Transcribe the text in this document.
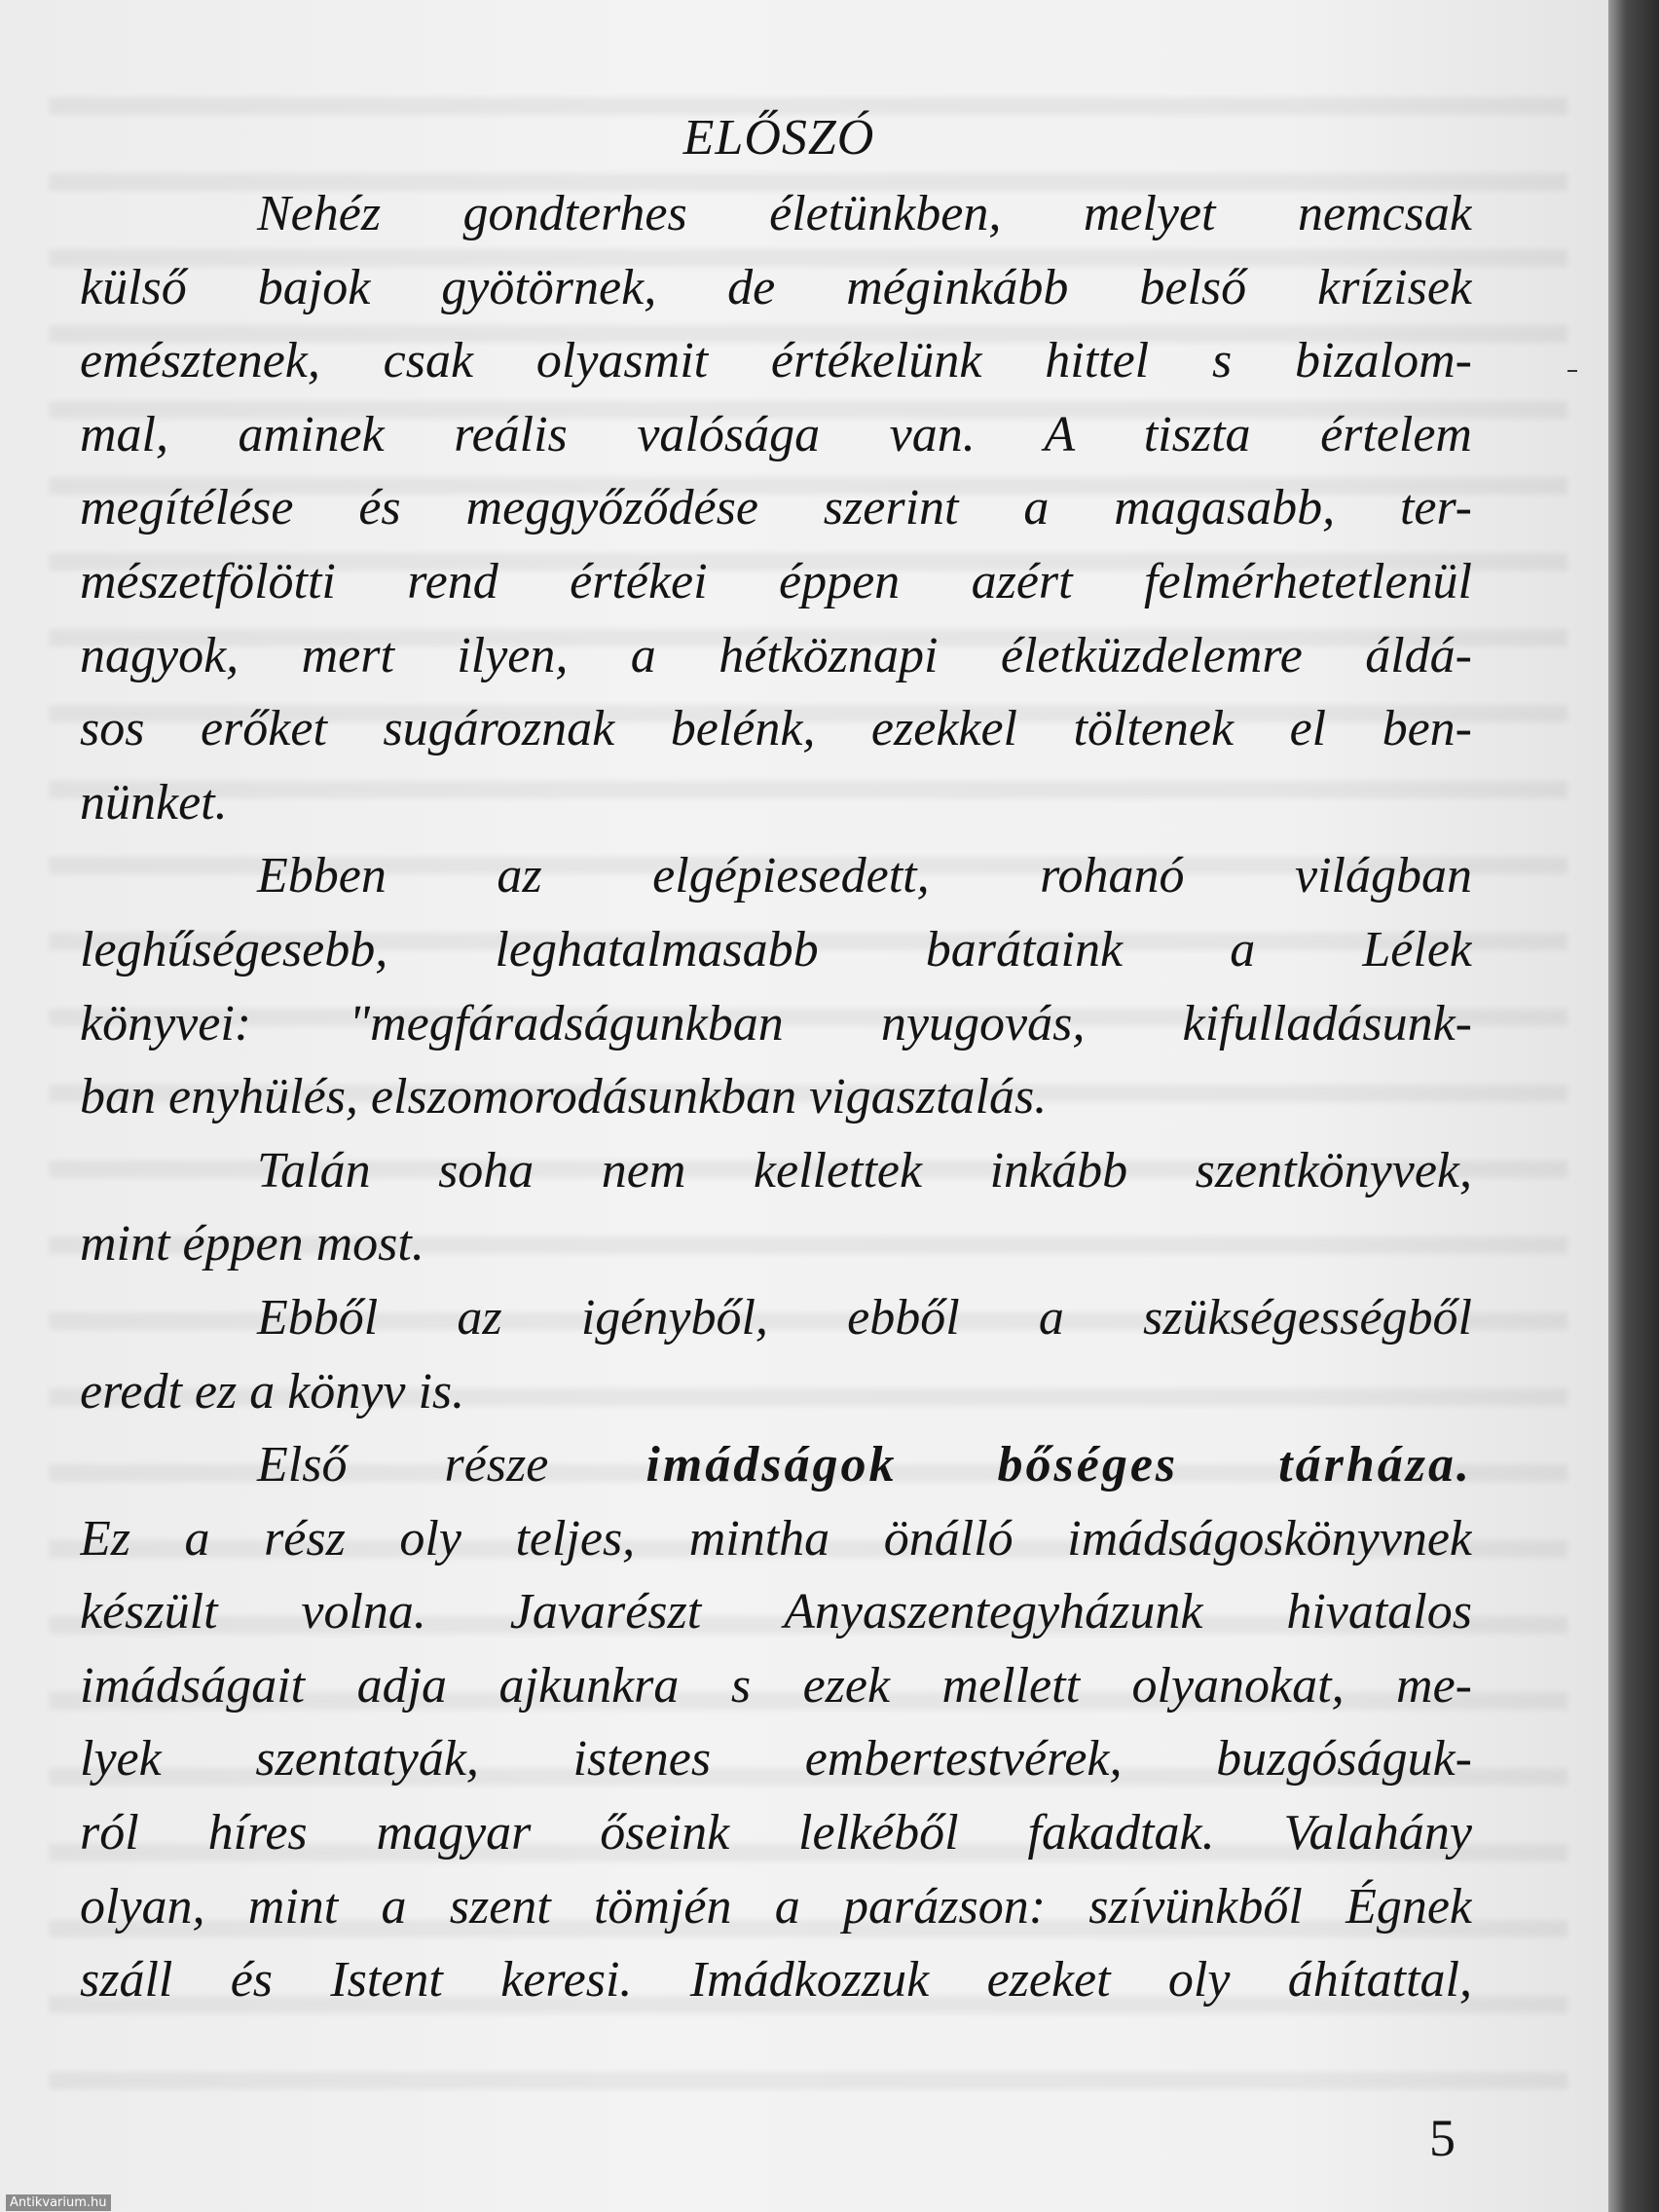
ELŐSZÓ
Nehéz gondterhes életünkben, melyet nemcsak
külső bajok gyötörnek, de méginkább belső krízisek
emésztenek, csak olyasmit értékelünk hittel s bizalom-
mal, aminek reális valósága van. A tiszta értelem
megítélése és meggyőződése szerint a magasabb, ter-
mészetfölötti rend értékei éppen azért felmérhetetlenül
nagyok, mert ilyen, a hétköznapi életküzdelemre áldá-
sos erőket sugároznak belénk, ezekkel töltenek el ben-
nünket.
Ebben az elgépiesedett, rohanó világban
leghűségesebb, leghatalmasabb barátaink a Lélek
könyvei: "megfáradságunkban nyugovás, kifulladásunk-
ban enyhülés, elszomorodásunkban vigasztalás.
Talán soha nem kellettek inkább szentkönyvek,
mint éppen most.
Ebből az igényből, ebből a szükségességből
eredt ez a könyv is.
Első része imádságok bőséges tárháza.
Ez a rész oly teljes, mintha önálló imádságoskönyvnek
készült volna. Javarészt Anyaszentegyházunk hivatalos
imádságait adja ajkunkra s ezek mellett olyanokat, me-
lyek szentatyák, istenes embertestvérek, buzgóságuk-
ról híres magyar őseink lelkéből fakadtak. Valahány
olyan, mint a szent tömjén a parázson: szívünkből Égnek
száll és Istent keresi. Imádkozzuk ezeket oly áhítattal,

5

Antikvarium.hu
